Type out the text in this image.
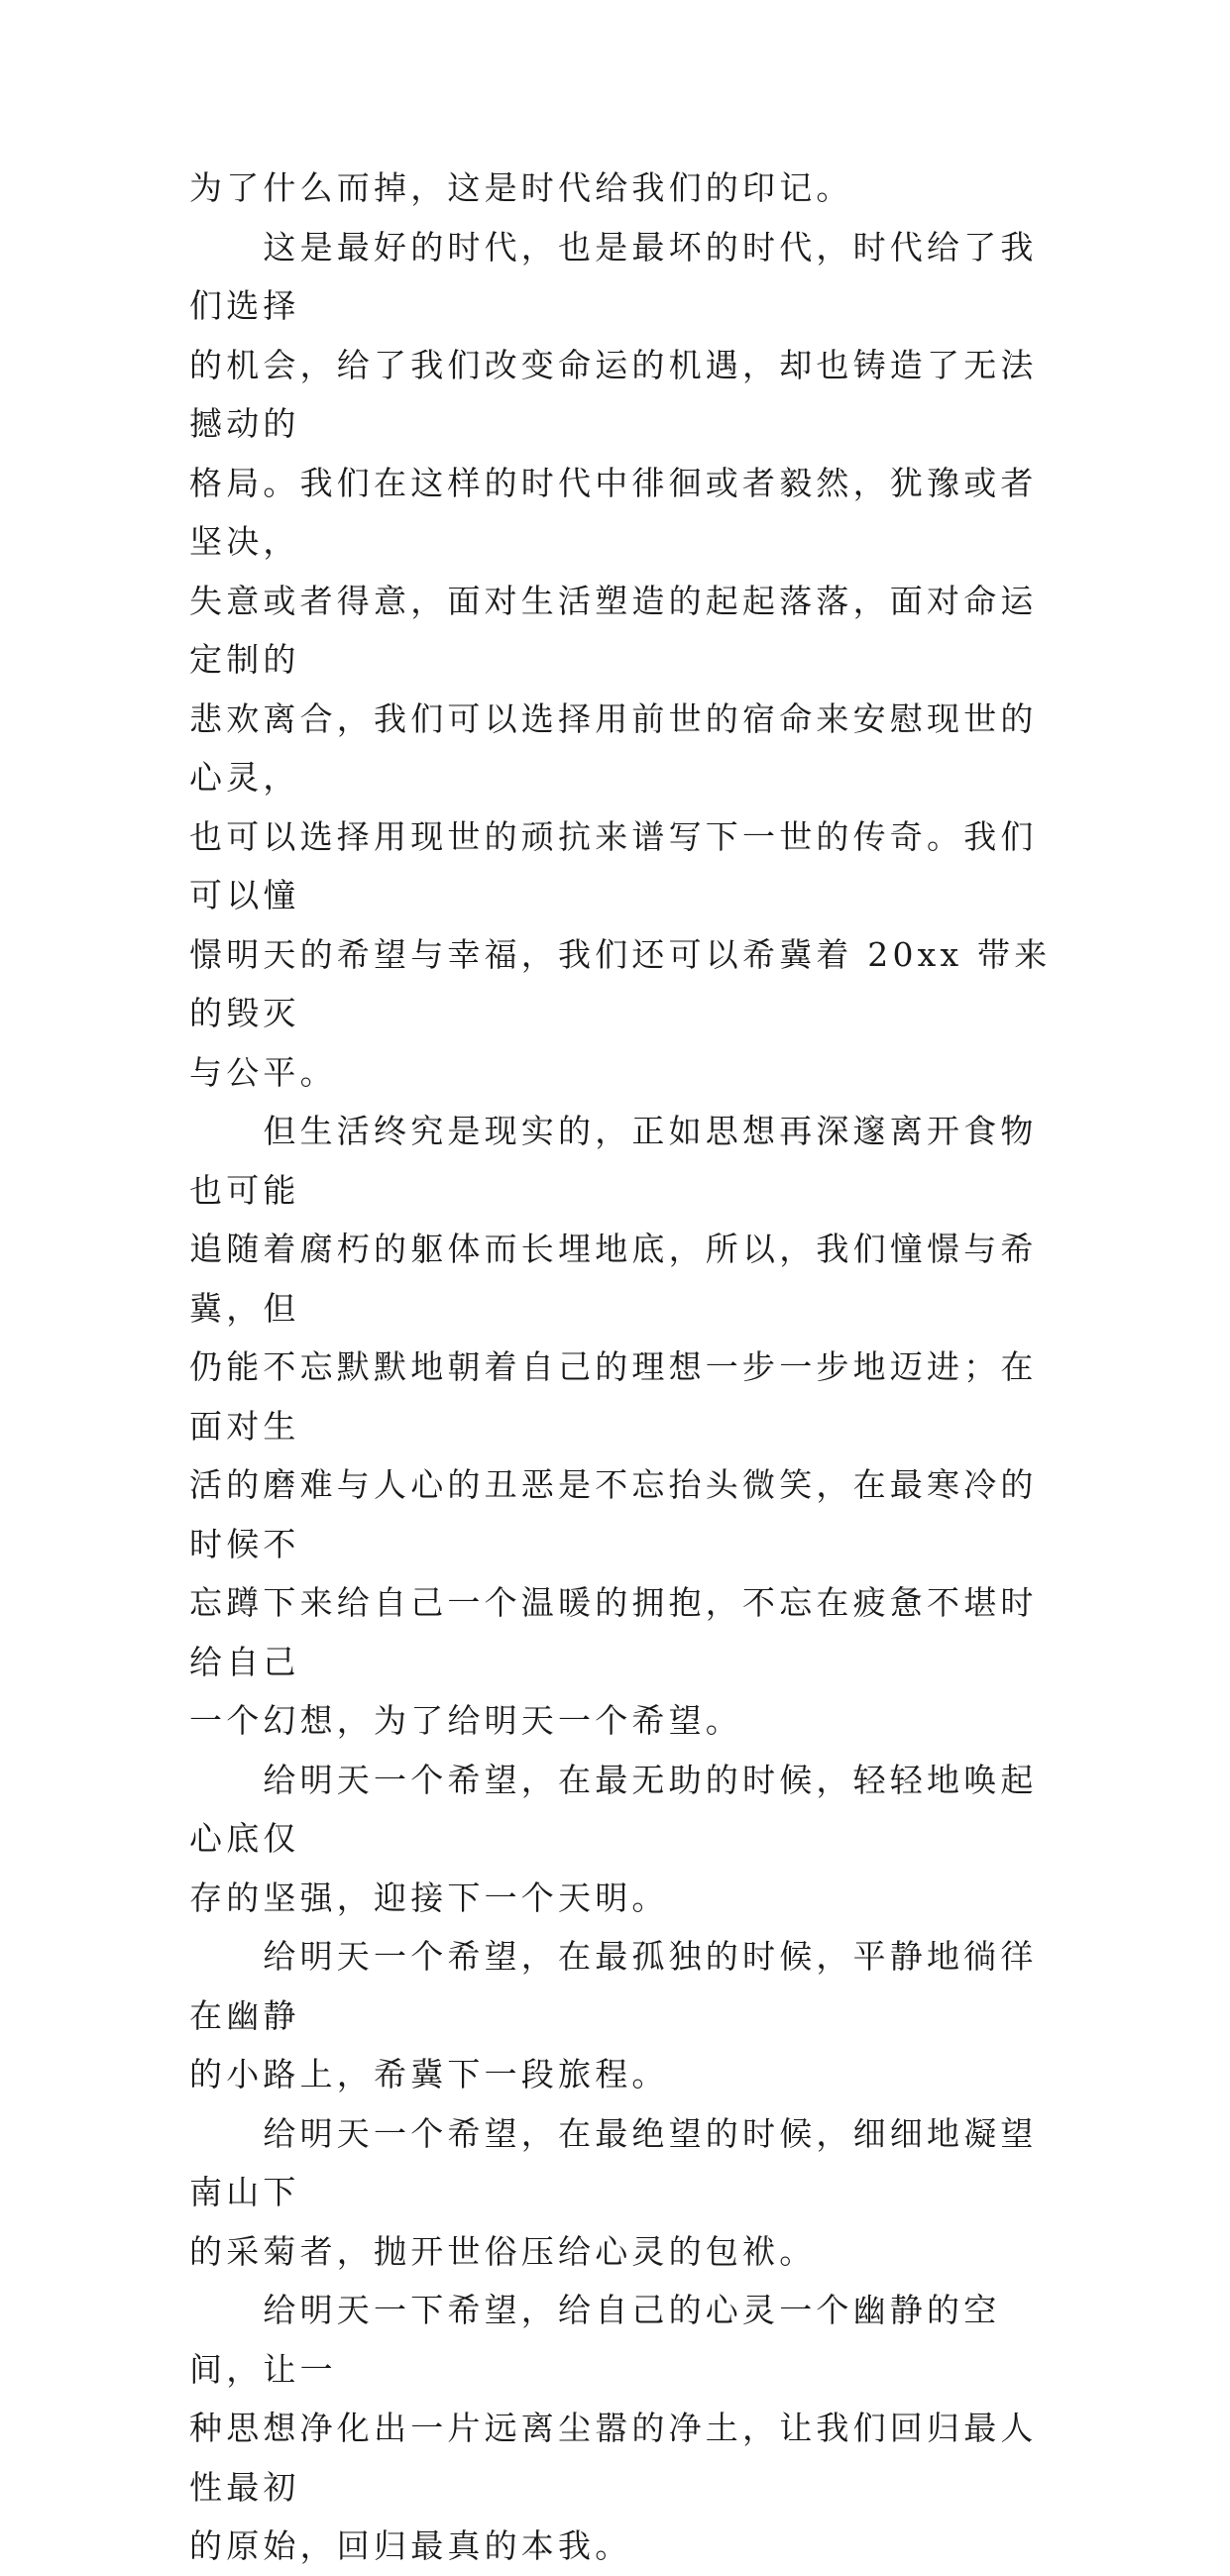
为了什么而掉，这是时代给我们的印记。

　　这是最好的时代，也是最坏的时代，时代给了我们选择
的机会，给了我们改变命运的机遇，却也铸造了无法撼动的
格局。我们在这样的时代中徘徊或者毅然，犹豫或者坚决，
失意或者得意，面对生活塑造的起起落落，面对命运定制的
悲欢离合，我们可以选择用前世的宿命来安慰现世的心灵，
也可以选择用现世的顽抗来谱写下一世的传奇。我们可以憧
憬明天的希望与幸福，我们还可以希冀着 20xx 带来的毁灭
与公平。

　　但生活终究是现实的，正如思想再深邃离开食物也可能
追随着腐朽的躯体而长埋地底，所以，我们憧憬与希冀，但
仍能不忘默默地朝着自己的理想一步一步地迈进；在面对生
活的磨难与人心的丑恶是不忘抬头微笑，在最寒冷的时候不
忘蹲下来给自己一个温暖的拥抱，不忘在疲惫不堪时给自己
一个幻想，为了给明天一个希望。

　　给明天一个希望，在最无助的时候，轻轻地唤起心底仅
存的坚强，迎接下一个天明。

　　给明天一个希望，在最孤独的时候，平静地徜徉在幽静
的小路上，希冀下一段旅程。

　　给明天一个希望，在最绝望的时候，细细地凝望南山下
的采菊者，抛开世俗压给心灵的包袱。

　　给明天一下希望，给自己的心灵一个幽静的空间，让一
种思想净化出一片远离尘嚣的净土，让我们回归最人性最初
的原始，回归最真的本我。
